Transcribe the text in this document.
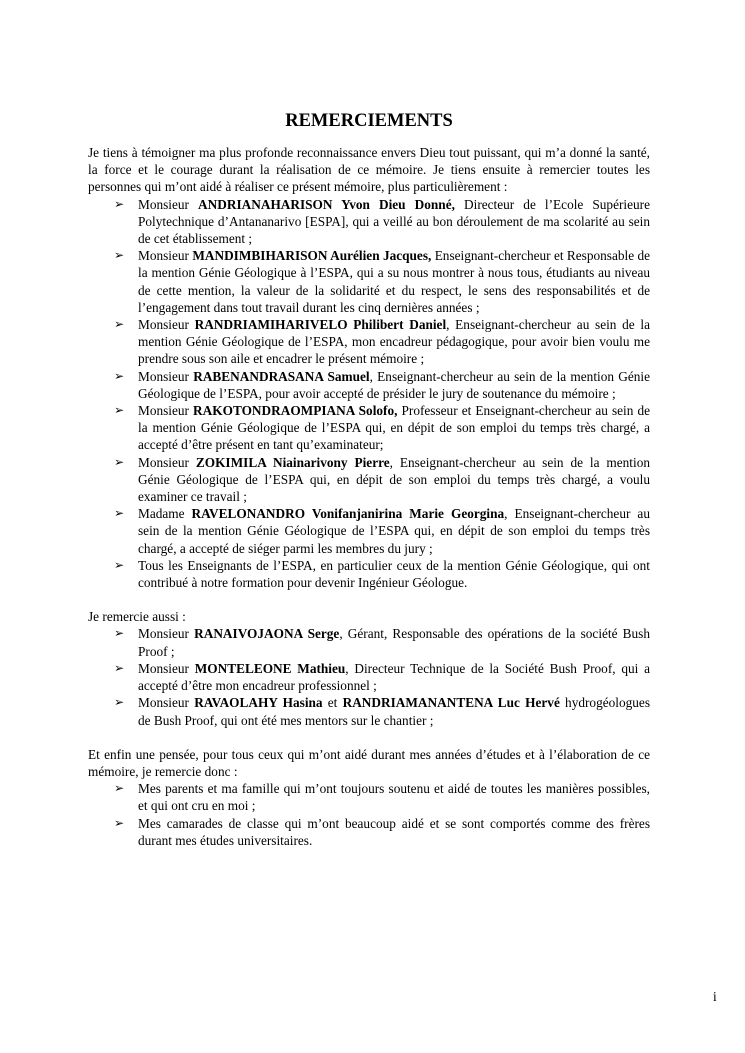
REMERCIEMENTS

Je tiens à témoigner ma plus profonde reconnaissance envers Dieu tout puissant, qui m’a donné la santé, la force et le courage durant la réalisation de ce mémoire. Je tiens ensuite à remercier toutes les personnes qui m’ont aidé à réaliser ce présent mémoire, plus particulièrement :

➢	Monsieur ANDRIANAHARISON Yvon Dieu Donné, Directeur de l’Ecole Supérieure Polytechnique d’Antananarivo [ESPA], qui a veillé au bon déroulement de ma scolarité au sein de cet établissement ;
➢	Monsieur MANDIMBIHARISON Aurélien Jacques, Enseignant-chercheur et Responsable de la mention Génie Géologique à l’ESPA, qui a su nous montrer à nous tous, étudiants au niveau de cette mention, la valeur de la solidarité et du respect, le sens des responsabilités et de l’engagement dans tout travail durant les cinq dernières années ;
➢	Monsieur RANDRIAMIHARIVELO Philibert Daniel, Enseignant-chercheur au sein de la mention Génie Géologique de l’ESPA, mon encadreur pédagogique, pour avoir bien voulu me prendre sous son aile et encadrer le présent mémoire ;
➢	Monsieur RABENANDRASANA Samuel, Enseignant-chercheur au sein de la mention Génie Géologique de l’ESPA, pour avoir accepté de présider le jury de soutenance du mémoire ;
➢	Monsieur RAKOTONDRAOMPIANA Solofo, Professeur et Enseignant-chercheur au sein de la mention Génie Géologique de l’ESPA qui, en dépit de son emploi du temps très chargé, a accepté d’être présent en tant qu’examinateur;
➢	Monsieur ZOKIMILA Niainarivony Pierre, Enseignant-chercheur au sein de la mention Génie Géologique de l’ESPA qui, en dépit de son emploi du temps très chargé, a voulu examiner ce travail ;
➢	Madame RAVELONANDRO Vonifanjanirina Marie Georgina, Enseignant-chercheur au sein de la mention Génie Géologique de l’ESPA qui, en dépit de son emploi du temps très chargé, a accepté de siéger parmi les membres du jury ;
➢	Tous les Enseignants de l’ESPA, en particulier ceux de la mention Génie Géologique, qui ont contribué à notre formation pour devenir Ingénieur Géologue.

Je remercie aussi :

➢	Monsieur RANAIVOJAONA Serge, Gérant, Responsable des opérations de la société Bush Proof ;
➢	Monsieur MONTELEONE Mathieu, Directeur Technique de la Société Bush Proof, qui a accepté d’être mon encadreur professionnel ;
➢	Monsieur RAVAOLAHY Hasina et RANDRIAMANANTENA Luc Hervé hydrogéologues de Bush Proof, qui ont été mes mentors sur le chantier ;

Et enfin une pensée, pour tous ceux qui m’ont aidé durant mes années d’études et à l’élaboration de ce mémoire, je remercie donc :

➢	Mes parents et ma famille qui m’ont toujours soutenu et aidé de toutes les manières possibles, et qui ont cru en moi ;
➢	Mes camarades de classe qui m’ont beaucoup aidé et se sont comportés comme des frères durant mes études universitaires.
i
